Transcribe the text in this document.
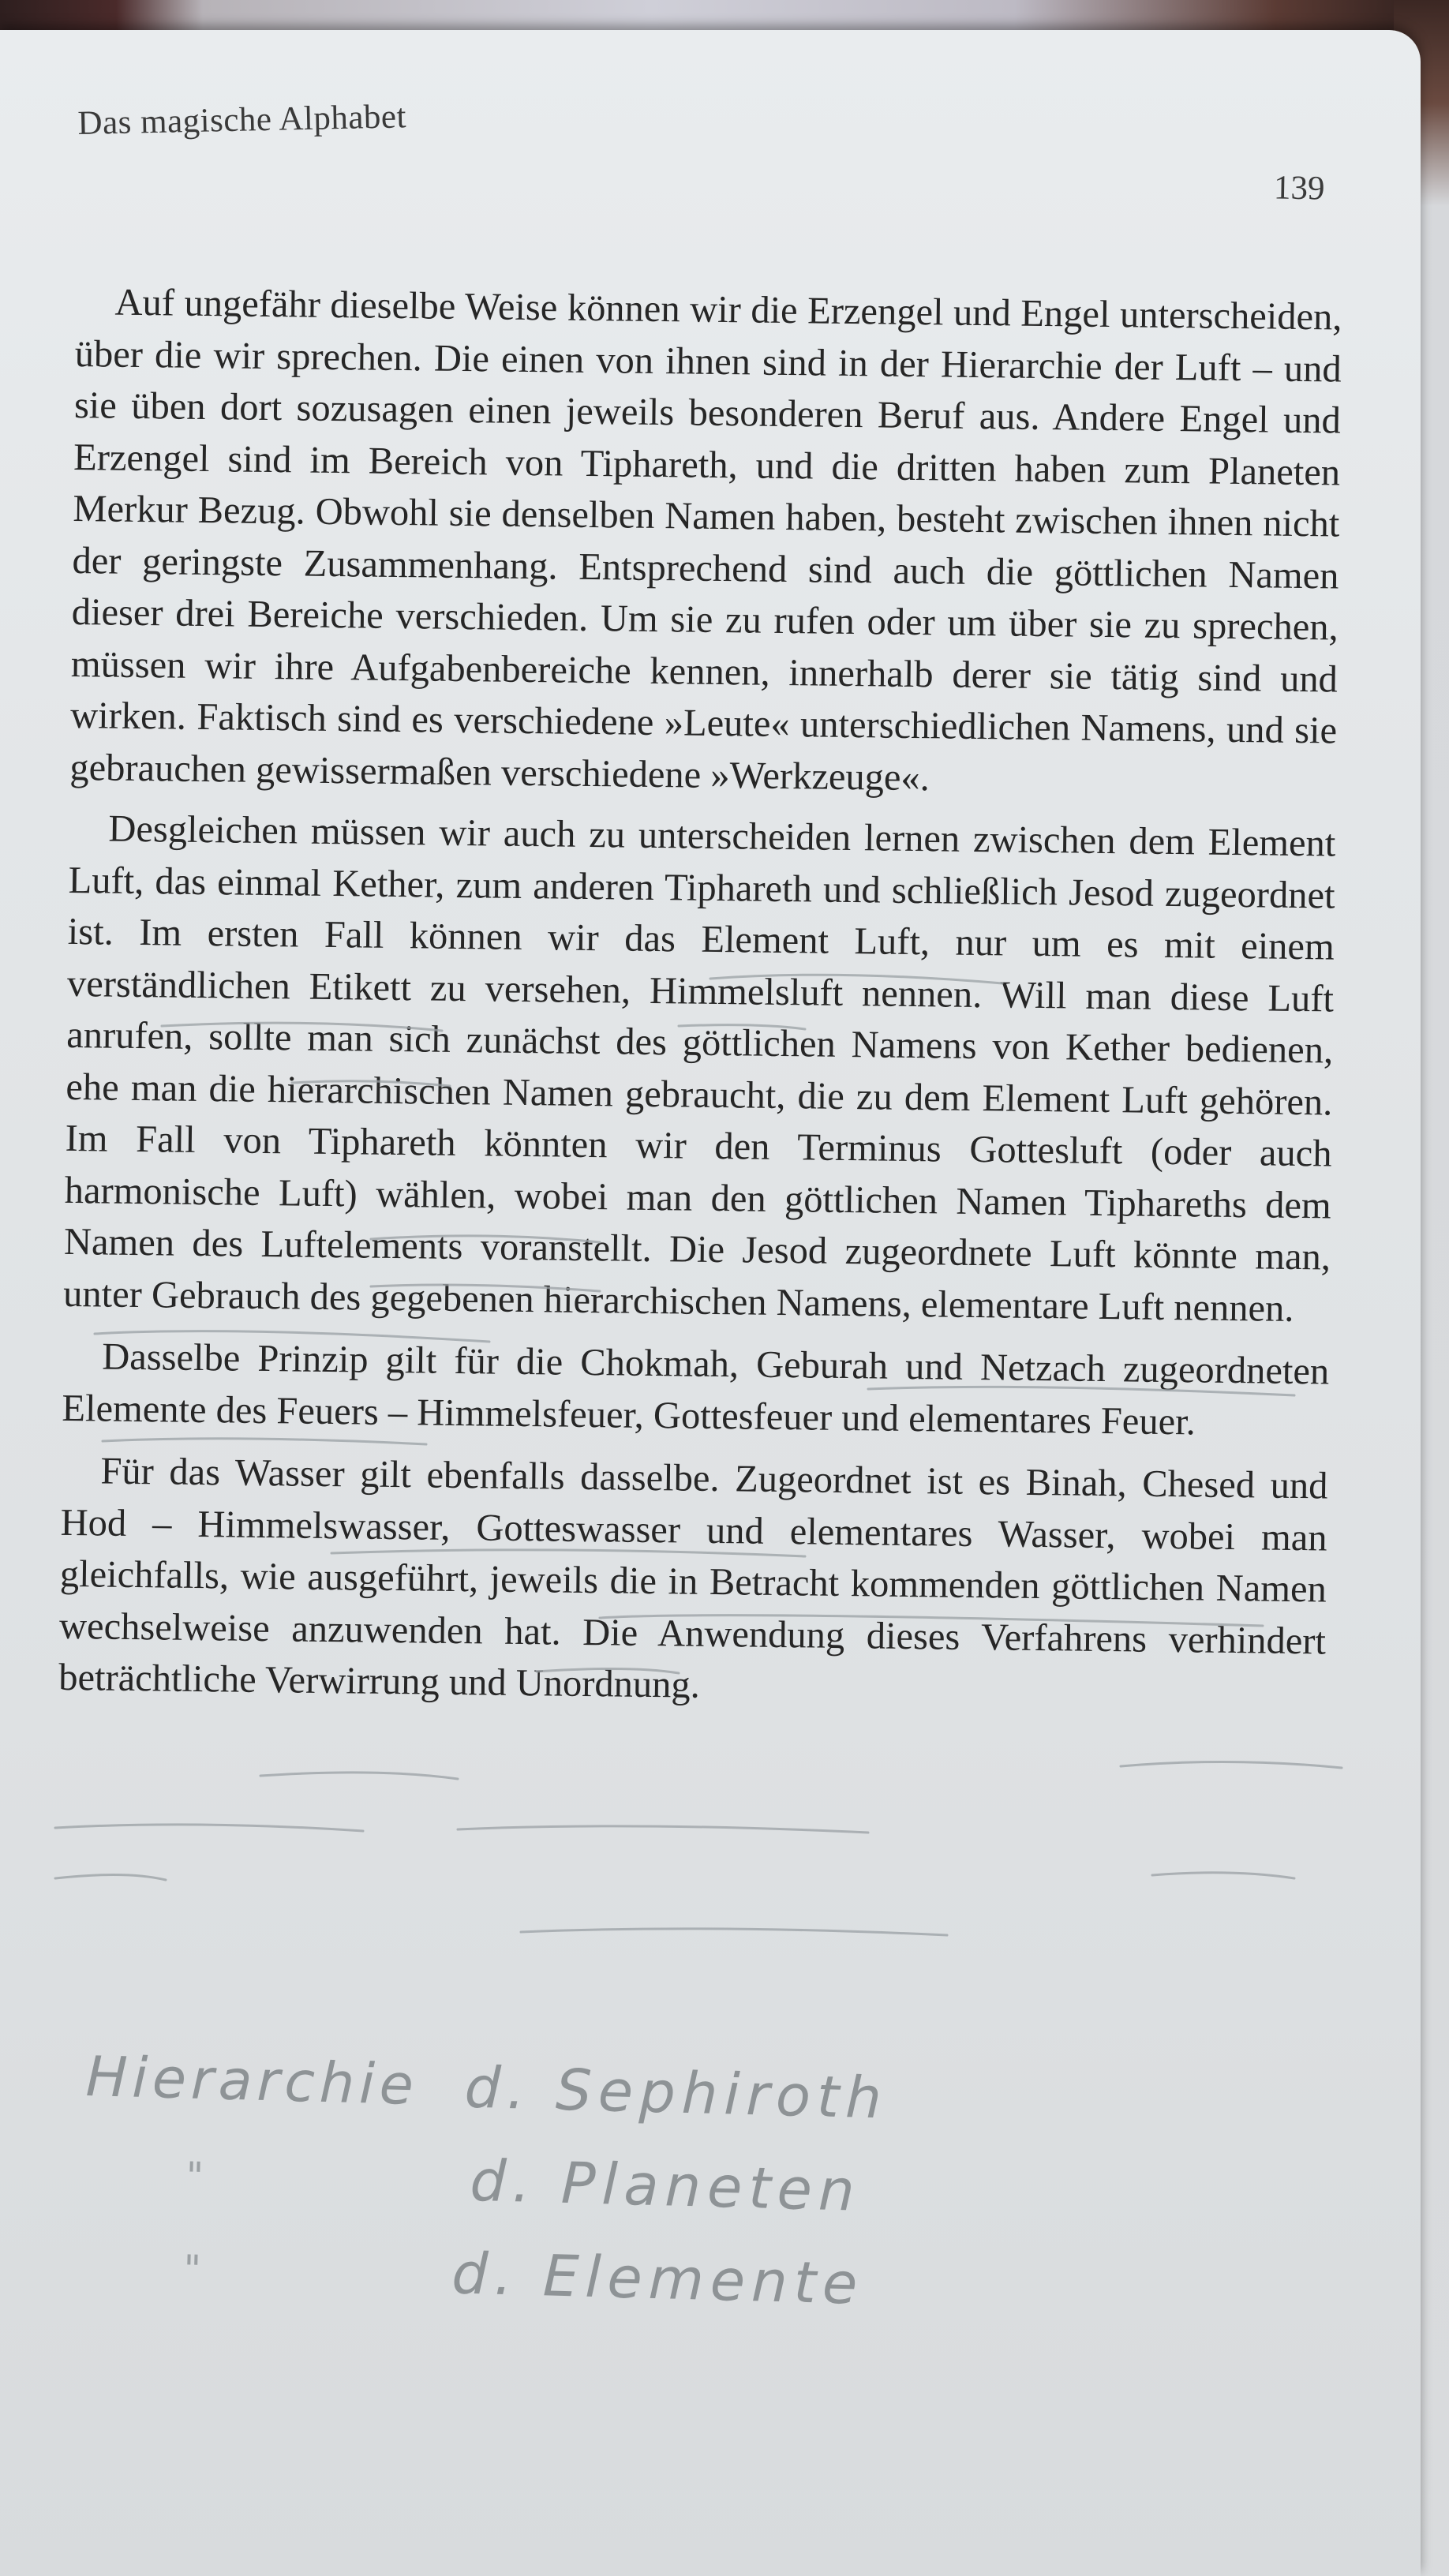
Das magische Alphabet
139

Auf ungefähr dieselbe Weise können wir die Erzengel und Engel unterscheiden, über die wir sprechen. Die einen von ihnen sind in der Hierarchie der Luft – und sie üben dort sozusagen einen jeweils besonderen Beruf aus. Andere Engel und Erzengel sind im Bereich von Tiphareth, und die dritten haben zum Planeten Merkur Bezug. Obwohl sie denselben Namen haben, besteht zwischen ihnen nicht der geringste Zusammenhang. Entsprechend sind auch die göttlichen Namen dieser drei Bereiche verschieden. Um sie zu rufen oder um über sie zu sprechen, müssen wir ihre Aufgabenbereiche kennen, innerhalb derer sie tätig sind und wirken. Faktisch sind es verschiedene »Leute« unterschiedlichen Namens, und sie gebrauchen gewissermaßen verschiedene »Werkzeuge«.

Desgleichen müssen wir auch zu unterscheiden lernen zwischen dem Element Luft, das einmal Kether, zum anderen Tiphareth und schließlich Jesod zugeordnet ist. Im ersten Fall können wir das Element Luft, nur um es mit einem verständlichen Etikett zu versehen, Himmelsluft nennen. Will man diese Luft anrufen, sollte man sich zunächst des göttlichen Namens von Kether bedienen, ehe man die hierarchischen Namen gebraucht, die zu dem Element Luft gehören. Im Fall von Tiphareth könnten wir den Terminus Gottesluft (oder auch harmonische Luft) wählen, wobei man den göttlichen Namen Tiphareths dem Namen des Luftelements voranstellt. Die Jesod zugeordnete Luft könnte man, unter Gebrauch des gegebenen hierarchischen Namens, elementare Luft nennen.

Dasselbe Prinzip gilt für die Chokmah, Geburah und Netzach zugeordneten Elemente des Feuers – Himmelsfeuer, Gottesfeuer und elementares Feuer.

Für das Wasser gilt ebenfalls dasselbe. Zugeordnet ist es Binah, Chesed und Hod – Himmelswasser, Gotteswasser und elementares Wasser, wobei man gleichfalls, wie ausgeführt, jeweils die in Betracht kommenden göttlichen Namen wechselweise anzuwenden hat. Die Anwendung dieses Verfahrens verhindert beträchtliche Verwirrung und Unordnung.

Hierarchie d. Sephiroth
"	d. Planeten
"	d. Elemente
